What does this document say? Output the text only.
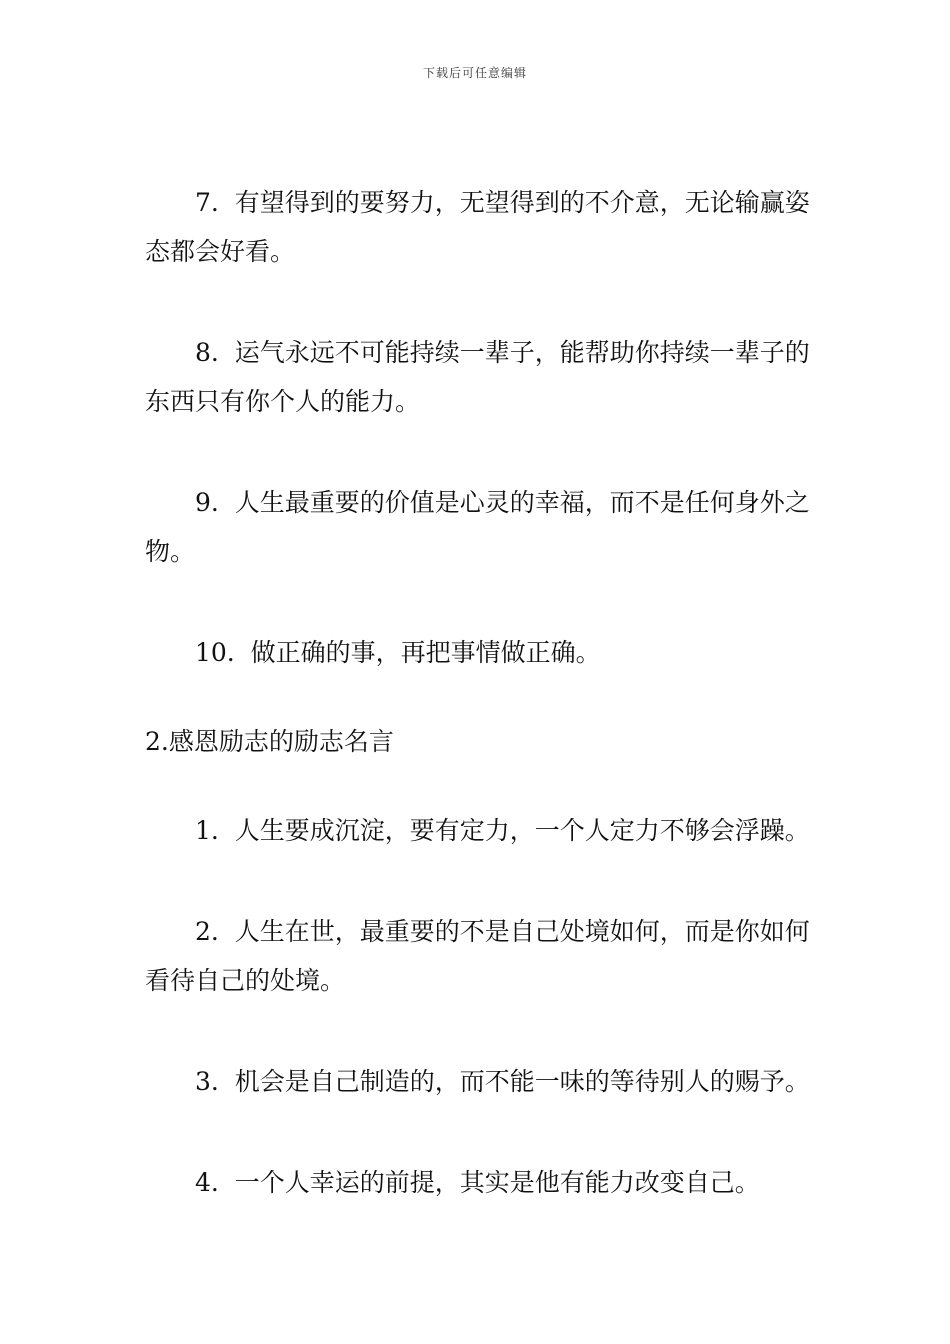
下载后可任意编辑

7. 有望得到的要努力，无望得到的不介意，无论输赢姿态都会好看。

8. 运气永远不可能持续一辈子，能帮助你持续一辈子的东西只有你个人的能力。

9. 人生最重要的价值是心灵的幸福，而不是任何身外之物。

10. 做正确的事，再把事情做正确。

2.感恩励志的励志名言

1. 人生要成沉淀，要有定力，一个人定力不够会浮躁。

2. 人生在世，最重要的不是自己处境如何，而是你如何看待自己的处境。

3. 机会是自己制造的，而不能一味的等待别人的赐予。

4. 一个人幸运的前提，其实是他有能力改变自己。
